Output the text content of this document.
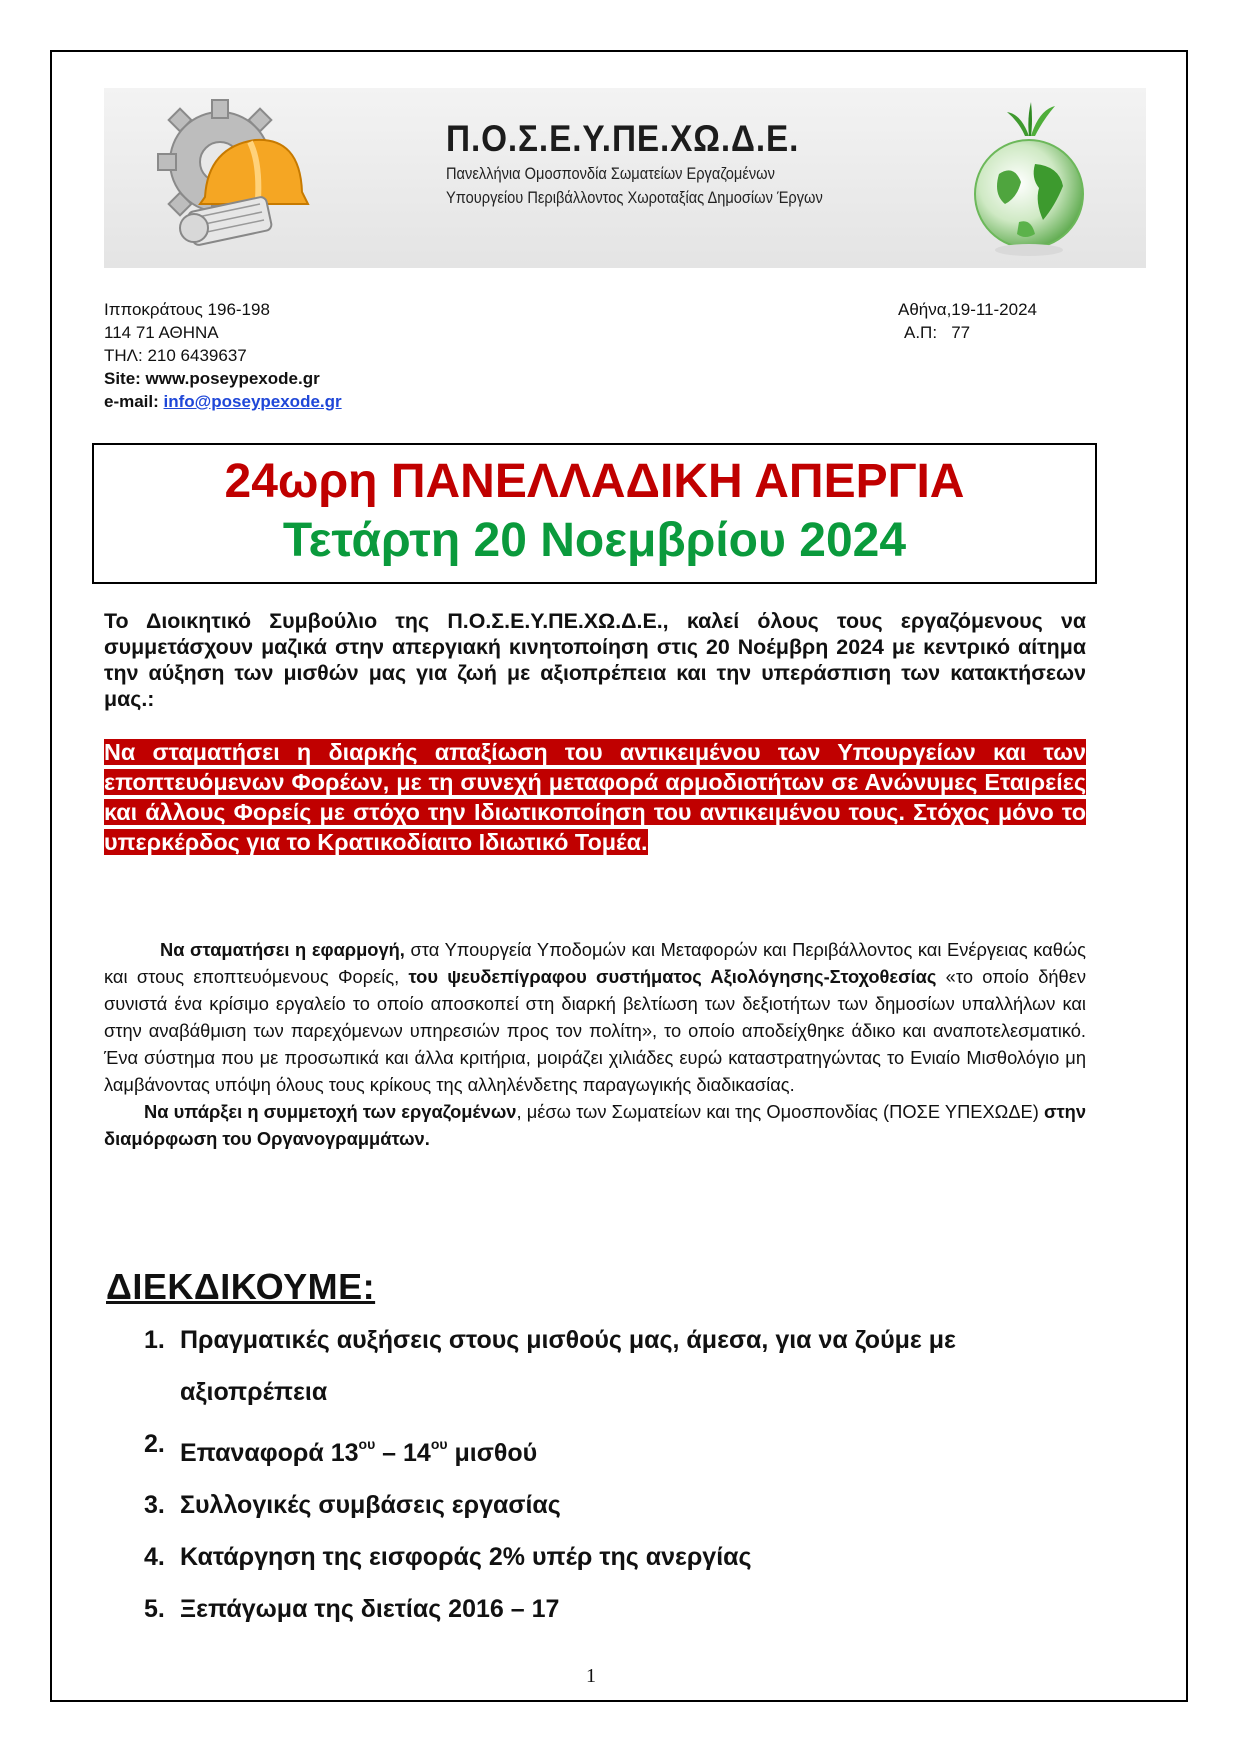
Π.Ο.Σ.Ε.Υ.ΠΕ.ΧΩ.Δ.Ε.
Πανελλήνια Ομοσπονδία Σωματείων Εργαζομένων
Υπουργείου Περιβάλλοντος Χωροταξίας Δημοσίων Έργων
Ιπποκράτους 196-198
114 71 ΑΘΗΝΑ
ΤΗΛ: 210 6439637
Site: www.poseypexode.gr
e-mail: info@poseypexode.gr
Αθήνα,19-11-2024
Α.Π:   77
24ωρη ΠΑΝΕΛΛΑΔΙΚΗ ΑΠΕΡΓΙΑ
Τετάρτη 20 Νοεμβρίου 2024
Το Διοικητικό Συμβούλιο της Π.Ο.Σ.Ε.Υ.ΠΕ.ΧΩ.Δ.Ε., καλεί όλους τους εργαζόμενους να συμμετάσχουν μαζικά στην απεργιακή κινητοποίηση στις 20 Νοέμβρη 2024 με κεντρικό αίτημα την αύξηση των μισθών μας για ζωή με αξιοπρέπεια και την υπεράσπιση των κατακτήσεων μας.:
Να σταματήσει η διαρκής απαξίωση του αντικειμένου των Υπουργείων και των εποπτευόμενων Φορέων, με τη συνεχή μεταφορά αρμοδιοτήτων σε Ανώνυμες Εταιρείες και άλλους Φορείς με στόχο την Ιδιωτικοποίηση του αντικειμένου τους. Στόχος μόνο το υπερκέρδος για το Κρατικοδίαιτο Ιδιωτικό Τομέα.

Να σταματήσει η εφαρμογή, στα Υπουργεία Υποδομών και Μεταφορών και Περιβάλλοντος και Ενέργειας καθώς και στους εποπτευόμενους Φορείς, του ψευδεπίγραφου συστήματος Αξιολόγησης-Στοχοθεσίας «το οποίο δήθεν συνιστά ένα κρίσιμο εργαλείο το οποίο αποσκοπεί στη διαρκή βελτίωση των δεξιοτήτων των δημοσίων υπαλλήλων και στην αναβάθμιση των παρεχόμενων υπηρεσιών προς τον πολίτη», το οποίο αποδείχθηκε άδικο και αναποτελεσματικό. Ένα σύστημα που με προσωπικά και άλλα κριτήρια, μοιράζει χιλιάδες ευρώ καταστρατηγώντας το Ενιαίο Μισθολόγιο μη λαμβάνοντας υπόψη όλους τους κρίκους της αλληλένδετης παραγωγικής διαδικασίας.

Να υπάρξει η συμμετοχή των εργαζομένων, μέσω των Σωματείων και της Ομοσπονδίας (ΠΟΣΕ ΥΠΕΧΩΔΕ) στην διαμόρφωση του Οργανογραμμάτων.

ΔΙΕΚΔΙΚΟΥΜΕ:
1. Πραγματικές αυξήσεις στους μισθούς μας, άμεσα, για να ζούμε με αξιοπρέπεια
2. Επαναφορά $13^{o\upsilon} - 14^{o\upsilon}$ μισθού
3. Συλλογικές συμβάσεις εργασίας
4. Κατάργηση της εισφοράς 2% υπέρ της ανεργίας
5. Ξεπάγωμα της διετίας 2016 – 17
1
